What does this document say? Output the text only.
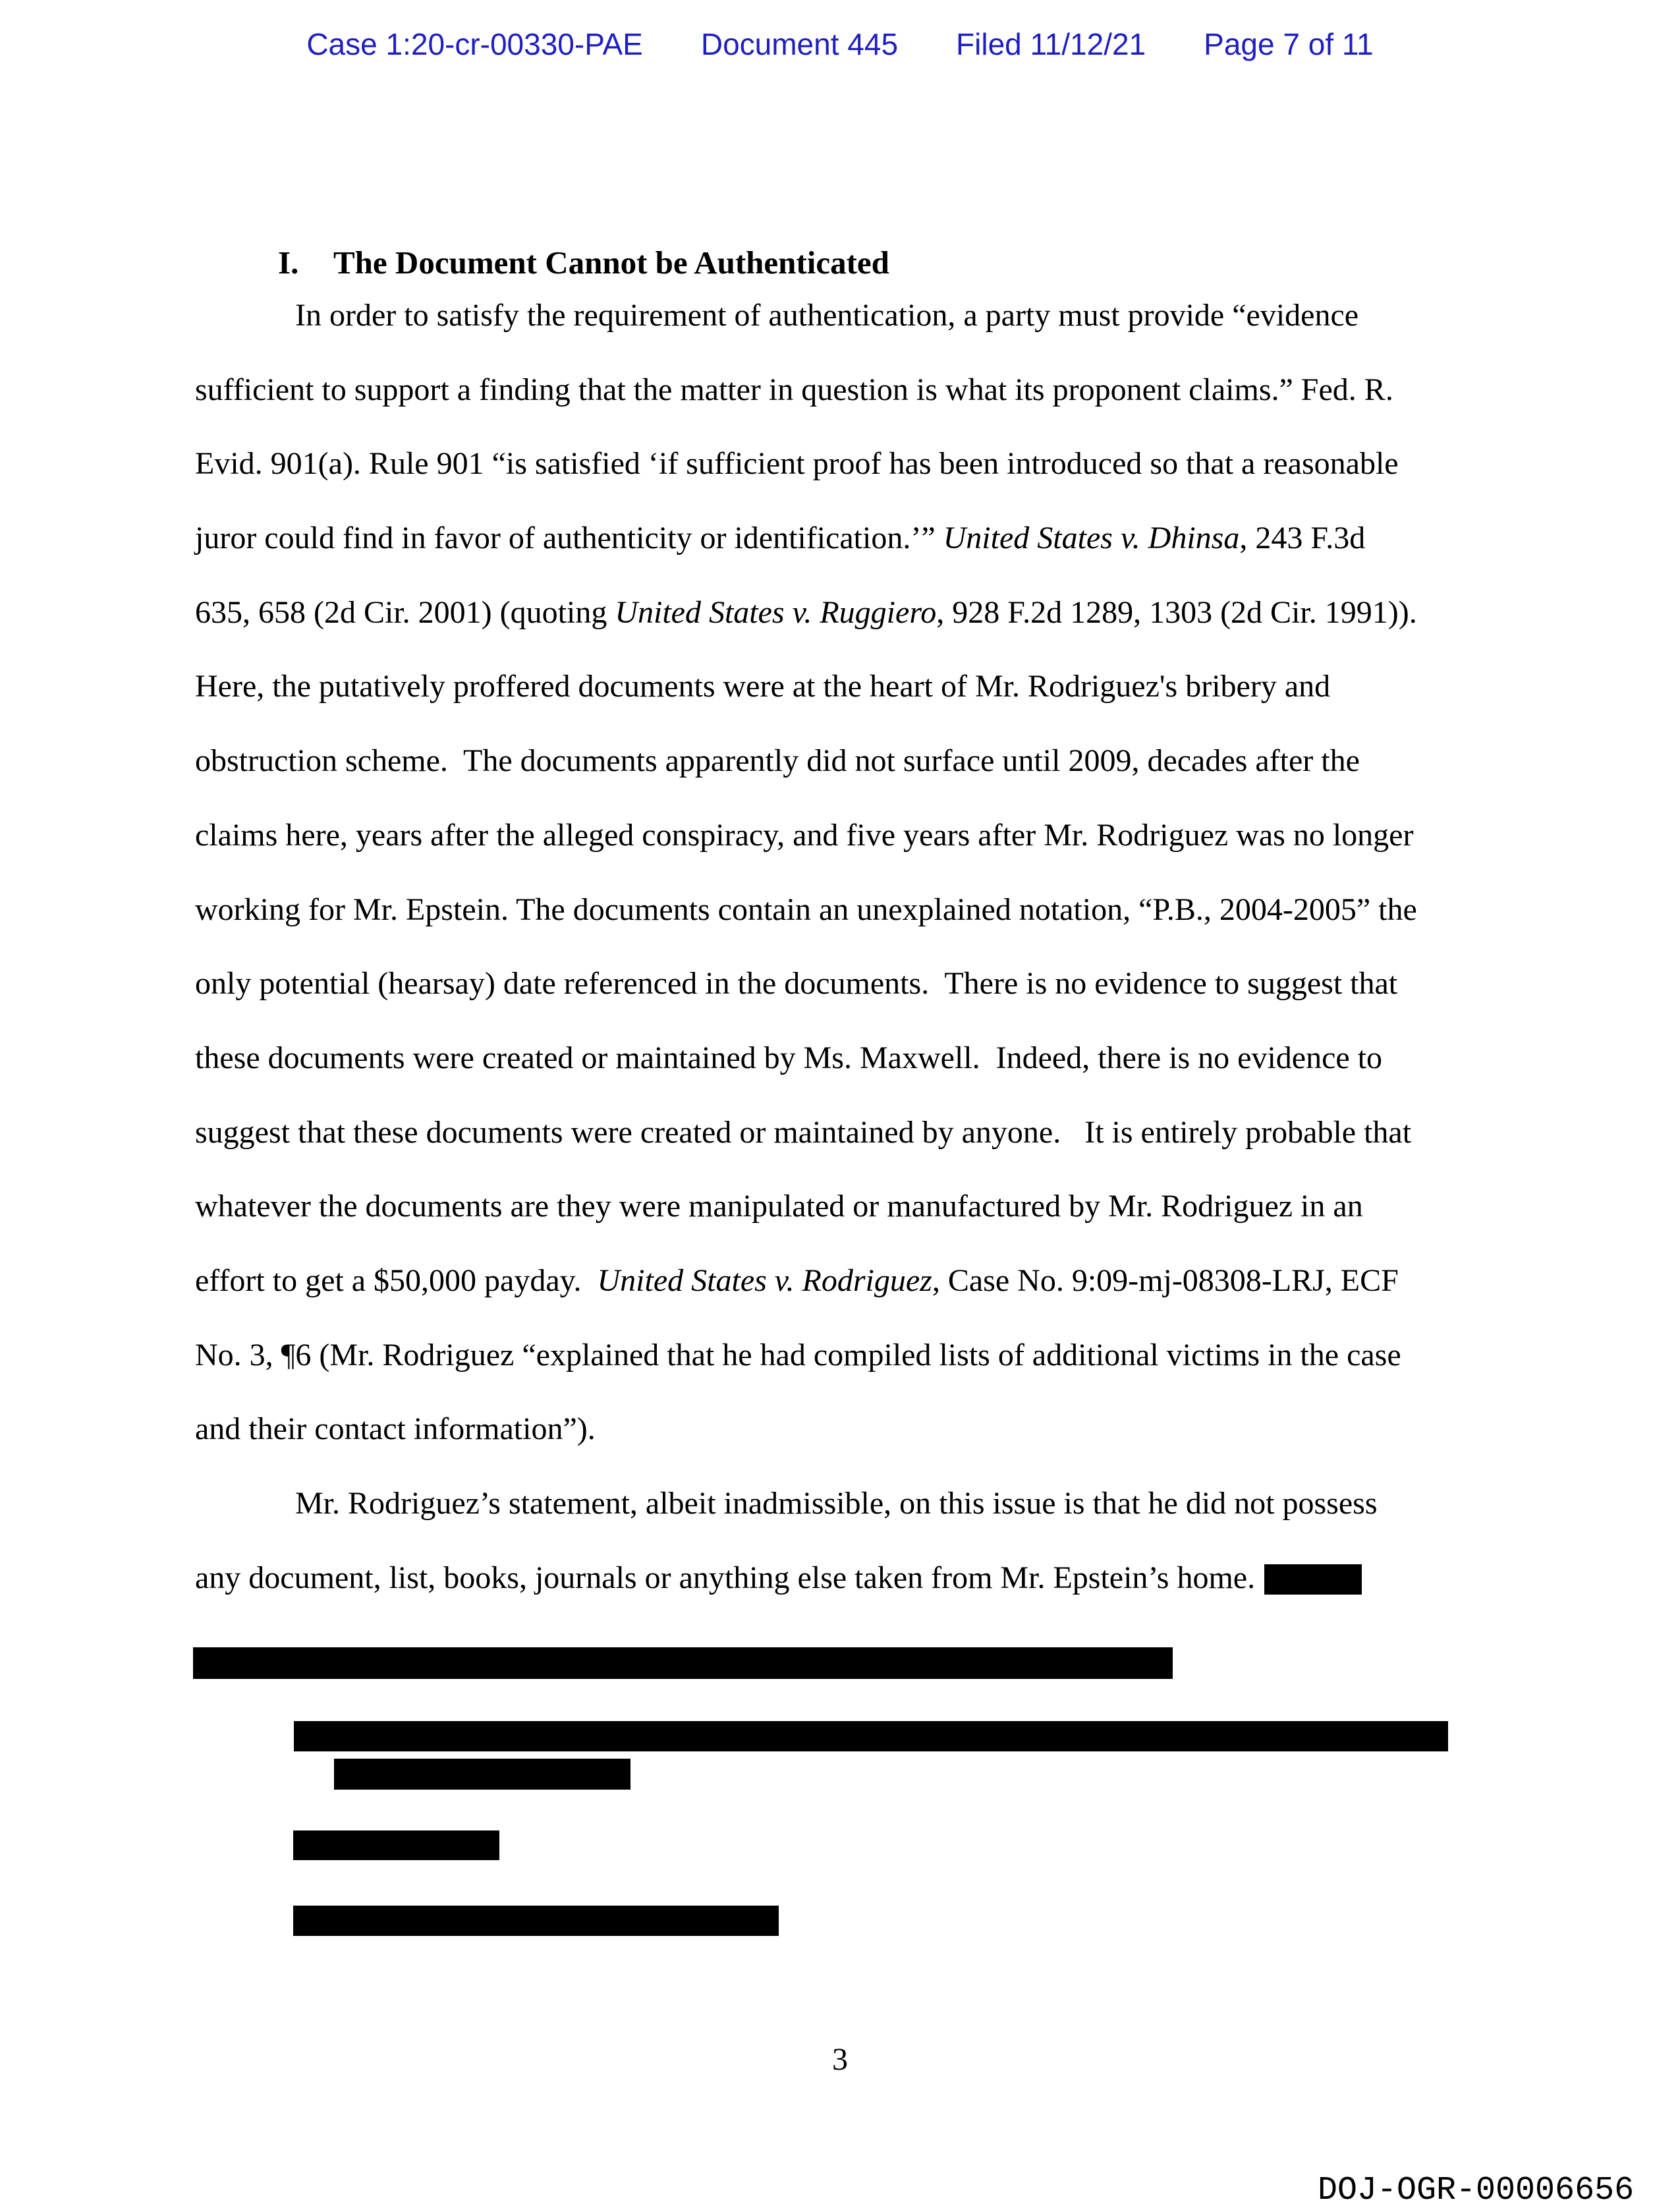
Case 1:20-cr-00330-PAE Document 445 Filed 11/12/21 Page 7 of 11

I. The Document Cannot be Authenticated

In order to satisfy the requirement of authentication, a party must provide “evidence
sufficient to support a finding that the matter in question is what its proponent claims.” Fed. R.
Evid. 901(a). Rule 901 “is satisfied ‘if sufficient proof has been introduced so that a reasonable
juror could find in favor of authenticity or identification.’” United States v. Dhinsa, 243 F.3d
635, 658 (2d Cir. 2001) (quoting United States v. Ruggiero, 928 F.2d 1289, 1303 (2d Cir. 1991)).
Here, the putatively proffered documents were at the heart of Mr. Rodriguez's bribery and
obstruction scheme.  The documents apparently did not surface until 2009, decades after the
claims here, years after the alleged conspiracy, and five years after Mr. Rodriguez was no longer
working for Mr. Epstein. The documents contain an unexplained notation, “P.B., 2004-2005” the
only potential (hearsay) date referenced in the documents.  There is no evidence to suggest that
these documents were created or maintained by Ms. Maxwell.  Indeed, there is no evidence to
suggest that these documents were created or maintained by anyone.   It is entirely probable that
whatever the documents are they were manipulated or manufactured by Mr. Rodriguez in an
effort to get a $50,000 payday.  United States v. Rodriguez, Case No. 9:09-mj-08308-LRJ, ECF
No. 3, ¶6 (Mr. Rodriguez “explained that he had compiled lists of additional victims in the case
and their contact information”).
Mr. Rodriguez’s statement, albeit inadmissible, on this issue is that he did not possess
any document, list, books, journals or anything else taken from Mr. Epstein’s home.
3
DOJ-OGR-00006656
